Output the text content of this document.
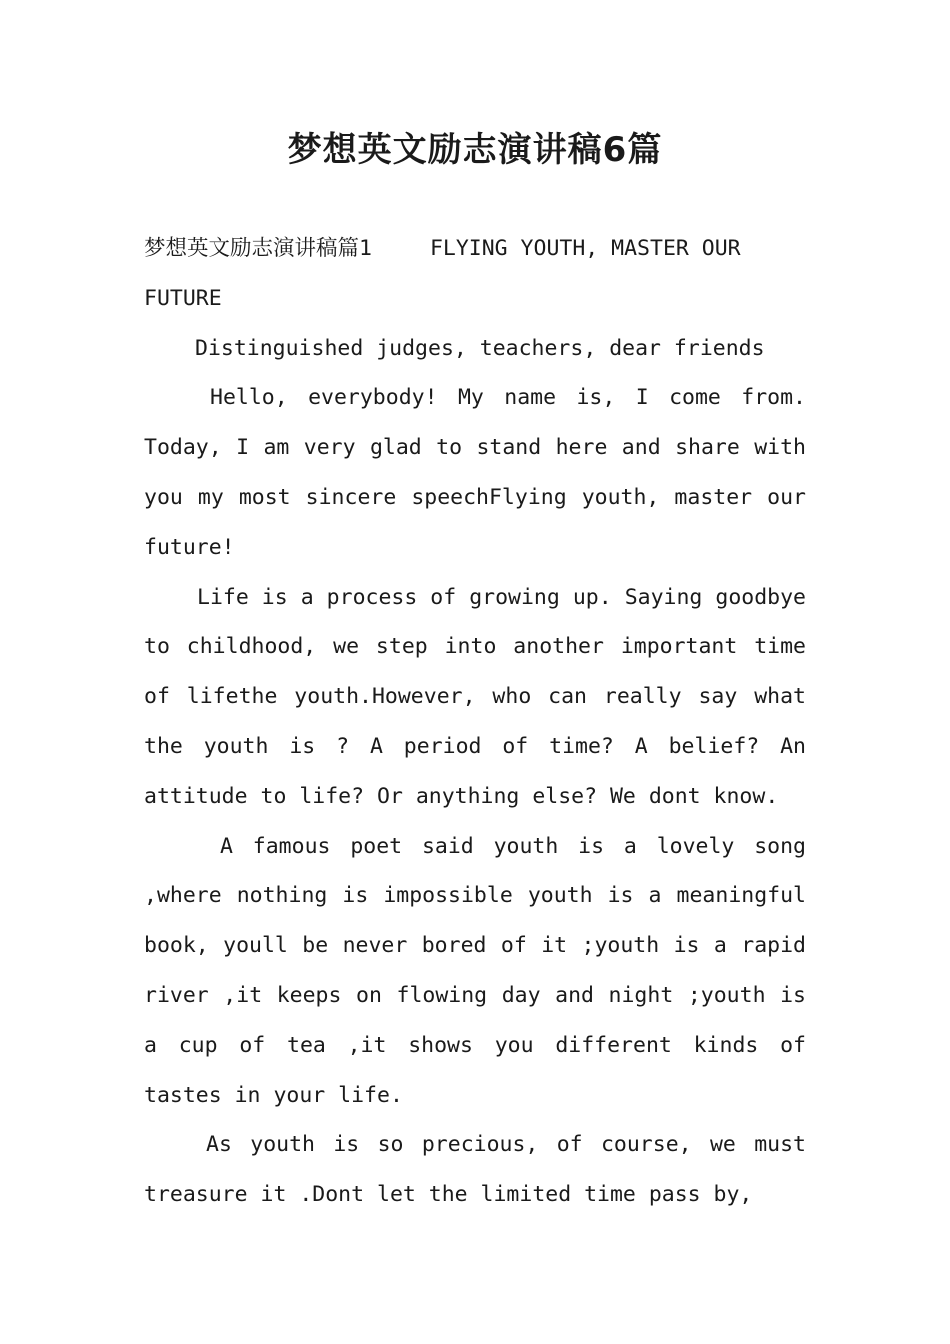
梦想英文励志演讲稿6篇

梦想英文励志演讲稿篇1	FLYING YOUTH, MASTER OUR FUTURE

Distinguished judges, teachers, dear friends

Hello, everybody! My name is, I come from. Today, I am very glad to stand here and share with you my most sincere speechFlying youth, master our future!

Life is a process of growing up. Saying goodbye to childhood, we step into another important time of lifethe youth.However, who can really say what the youth is ? A period of time? A belief? An attitude to life? Or anything else? We dont know.

A famous poet said youth is a lovely song ,where nothing is impossible youth is a meaningful book, youll be never bored of it ;youth is a rapid river ,it keeps on flowing day and night ;youth is a cup of tea ,it shows you different kinds of tastes in your life.

As youth is so precious, of course, we must treasure it .Dont let the limited time pass by,
